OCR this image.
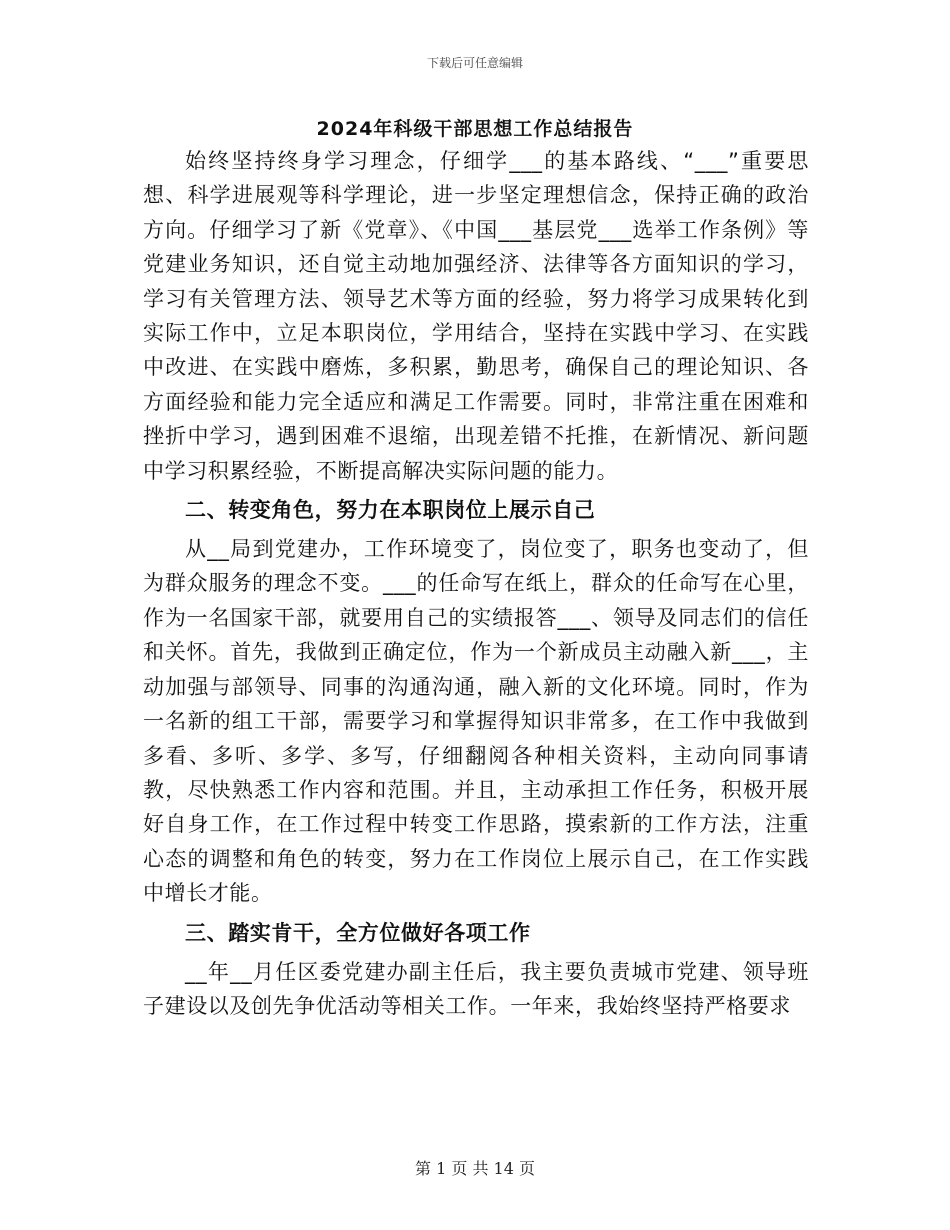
下载后可任意编辑
2024年科级干部思想工作总结报告

始终坚持终身学习理念，仔细学___的基本路线、“___”重要思想、科学进展观等科学理论，进一步坚定理想信念，保持正确的政治方向。仔细学习了新《党章》、《中国___基层党___选举工作条例》等党建业务知识，还自觉主动地加强经济、法律等各方面知识的学习，学习有关管理方法、领导艺术等方面的经验，努力将学习成果转化到实际工作中，立足本职岗位，学用结合，坚持在实践中学习、在实践中改进、在实践中磨炼，多积累，勤思考，确保自己的理论知识、各方面经验和能力完全适应和满足工作需要。同时，非常注重在困难和挫折中学习，遇到困难不退缩，出现差错不托推，在新情况、新问题中学习积累经验，不断提高解决实际问题的能力。

二、转变角色，努力在本职岗位上展示自己

从__局到党建办，工作环境变了，岗位变了，职务也变动了，但为群众服务的理念不变。___的任命写在纸上，群众的任命写在心里，作为一名国家干部，就要用自己的实绩报答___、领导及同志们的信任和关怀。首先，我做到正确定位，作为一个新成员主动融入新___，主动加强与部领导、同事的沟通沟通，融入新的文化环境。同时，作为一名新的组工干部，需要学习和掌握得知识非常多，在工作中我做到多看、多听、多学、多写，仔细翻阅各种相关资料，主动向同事请教，尽快熟悉工作内容和范围。并且，主动承担工作任务，积极开展好自身工作，在工作过程中转变工作思路，摸索新的工作方法，注重心态的调整和角色的转变，努力在工作岗位上展示自己，在工作实践中增长才能。

三、踏实肯干，全方位做好各项工作

__年__月任区委党建办副主任后，我主要负责城市党建、领导班子建设以及创先争优活动等相关工作。一年来，我始终坚持严格要求

第 1 页 共 14 页
